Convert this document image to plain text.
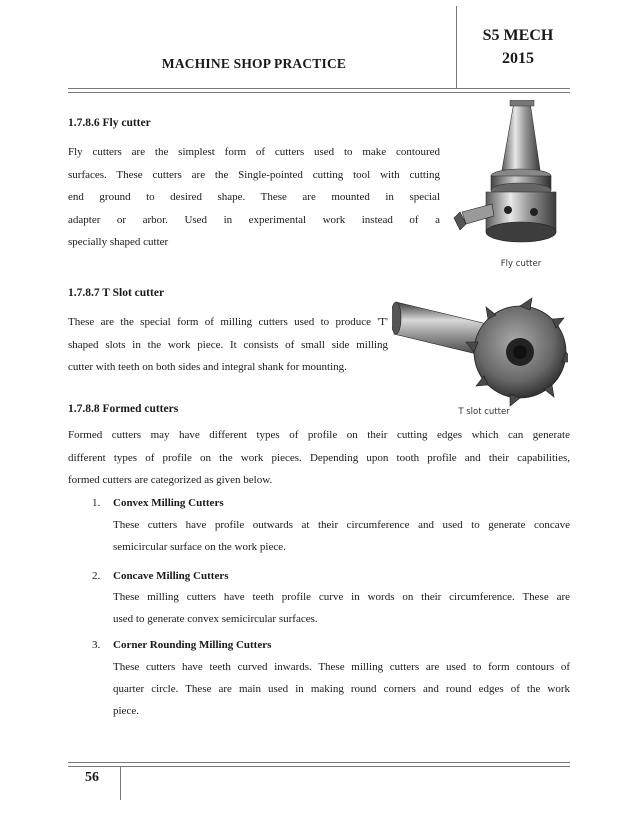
MACHINE SHOP PRACTICE
S5 MECH
2015
1.7.8.6 Fly cutter
Fly cutters are the simplest form of cutters used to make contoured
surfaces. These cutters are the Single-pointed cutting tool with cutting
end ground to desired shape. These are mounted in special
adapter or arbor. Used in experimental work instead of a
specially shaped cutter
Fly cutter
1.7.8.7 T Slot cutter
These are the special form of milling cutters used to produce 'T'
shaped slots in the work piece. It consists of small side milling
cutter with teeth on both sides and integral shank for mounting.
T slot cutter
1.7.8.8 Formed cutters
Formed cutters may have different types of profile on their cutting edges which can generate
different types of profile on the work pieces. Depending upon tooth profile and their capabilities,
formed cutters are categorized as given below.
1. Convex Milling Cutters
These cutters have profile outwards at their circumference and used to generate concave
semicircular surface on the work piece.
2. Concave Milling Cutters
These milling cutters have teeth profile curve in words on their circumference. These are
used to generate convex semicircular surfaces.
3. Corner Rounding Milling Cutters
These cutters have teeth curved inwards. These milling cutters are used to form contours of
quarter circle. These are main used in making round corners and round edges of the work
piece.
56
